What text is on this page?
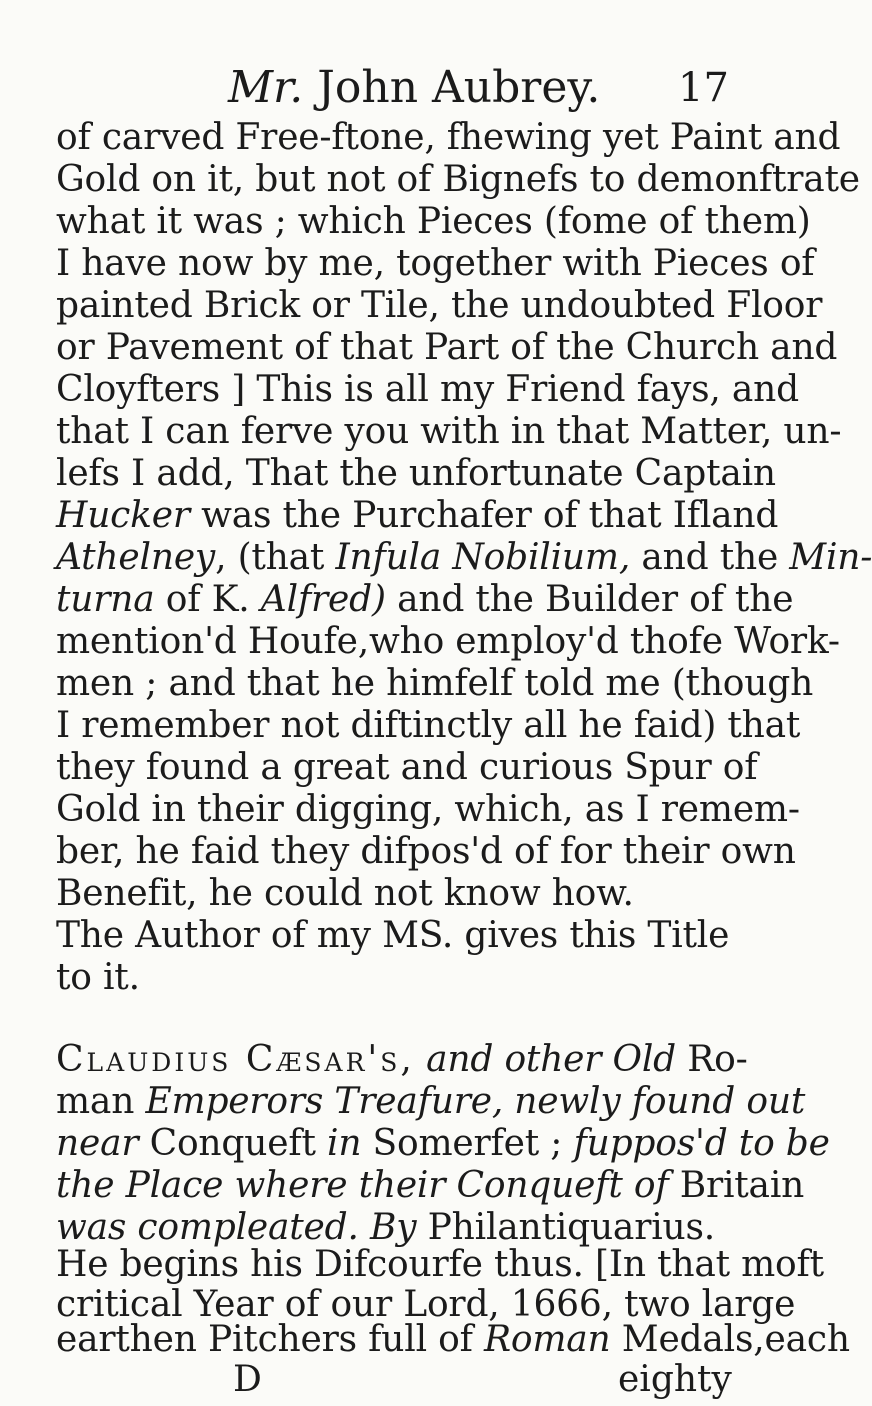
Mr. John Aubrey. 17
of carved Free-ftone, fhewing yet Paint and
Gold on it, but not of Bignefs to demonftrate
what it was ; which Pieces (fome of them)
I have now by me, together with Pieces of
painted Brick or Tile, the undoubted Floor
or Pavement of that Part of the Church and
Cloyfters ] This is all my Friend fays, and
that I can ferve you with in that Matter, un-
lefs I add, That the unfortunate Captain
Hucker was the Purchafer of that Ifland
Athelney, (that Infula Nobilium, and the Min-
turna of K. Alfred) and the Builder of the
mention'd Houfe,who employ'd thofe Work-
men ; and that he himfelf told me (though
I remember not diftinctly all he faid) that
they found a great and curious Spur of
Gold in their digging, which, as I remem-
ber, he faid they difpos'd of for their own
Benefit, he could not know how.
The Author of my MS. gives this Title
to it.
Claudius Cæsar's, and other Old Ro-
man Emperors Treafure, newly found out
near Conqueft in Somerfet ; fuppos'd to be
the Place where their Conqueft of Britain
was compleated. By Philantiquarius.
He begins his Difcourfe thus. [In that moft
critical Year of our Lord, 1666, two large
earthen Pitchers full of Roman Medals,each
D	eighty
